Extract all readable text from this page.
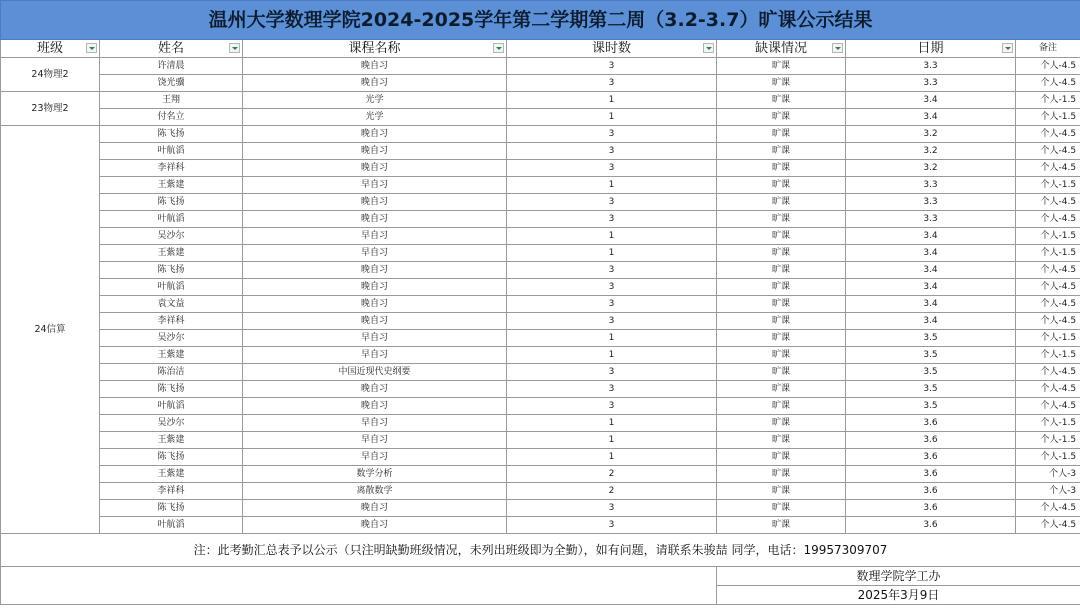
温州大学数理学院2024-2025学年第二学期第二周（3.2-3.7）旷课公示结果						
班级	姓名	课程名称	课时数	缺课情况	日期	备注
24物理2	许清晨	晚自习	3	旷课	3.3	个人-4.5
	饶光骥	晚自习	3	旷课	3.3	个人-4.5
23物理2	王翔	光学	1	旷课	3.4	个人-1.5
	付名立	光学	1	旷课	3.4	个人-1.5
24信算	陈飞扬	晚自习	3	旷课	3.2	个人-4.5
	叶航滔	晚自习	3	旷课	3.2	个人-4.5
	李祥科	晚自习	3	旷课	3.2	个人-4.5
	王紫建	早自习	1	旷课	3.3	个人-1.5
	陈飞扬	晚自习	3	旷课	3.3	个人-4.5
	叶航滔	晚自习	3	旷课	3.3	个人-4.5
	吴沙尔	早自习	1	旷课	3.4	个人-1.5
	王紫建	早自习	1	旷课	3.4	个人-1.5
	陈飞扬	晚自习	3	旷课	3.4	个人-4.5
	叶航滔	晚自习	3	旷课	3.4	个人-4.5
	袁文益	晚自习	3	旷课	3.4	个人-4.5
	李祥科	晚自习	3	旷课	3.4	个人-4.5
	吴沙尔	早自习	1	旷课	3.5	个人-1.5
	王紫建	早自习	1	旷课	3.5	个人-1.5
	陈治洁	中国近现代史纲要	3	旷课	3.5	个人-4.5
	陈飞扬	晚自习	3	旷课	3.5	个人-4.5
	叶航滔	晚自习	3	旷课	3.5	个人-4.5
	吴沙尔	早自习	1	旷课	3.6	个人-1.5
	王紫建	早自习	1	旷课	3.6	个人-1.5
	陈飞扬	早自习	1	旷课	3.6	个人-1.5
	王紫建	数学分析	2	旷课	3.6	个人-3
	李祥科	离散数学	2	旷课	3.6	个人-3
	陈飞扬	晚自习	3	旷课	3.6	个人-4.5
	叶航滔	晚自习	3	旷课	3.6	个人-4.5
注：此考勤汇总表予以公示（只注明缺勤班级情况，未列出班级即为全勤），如有问题，请联系朱骏喆 同学，电话：19957309707						
				数理学院学工办		
				2025年3月9日		
